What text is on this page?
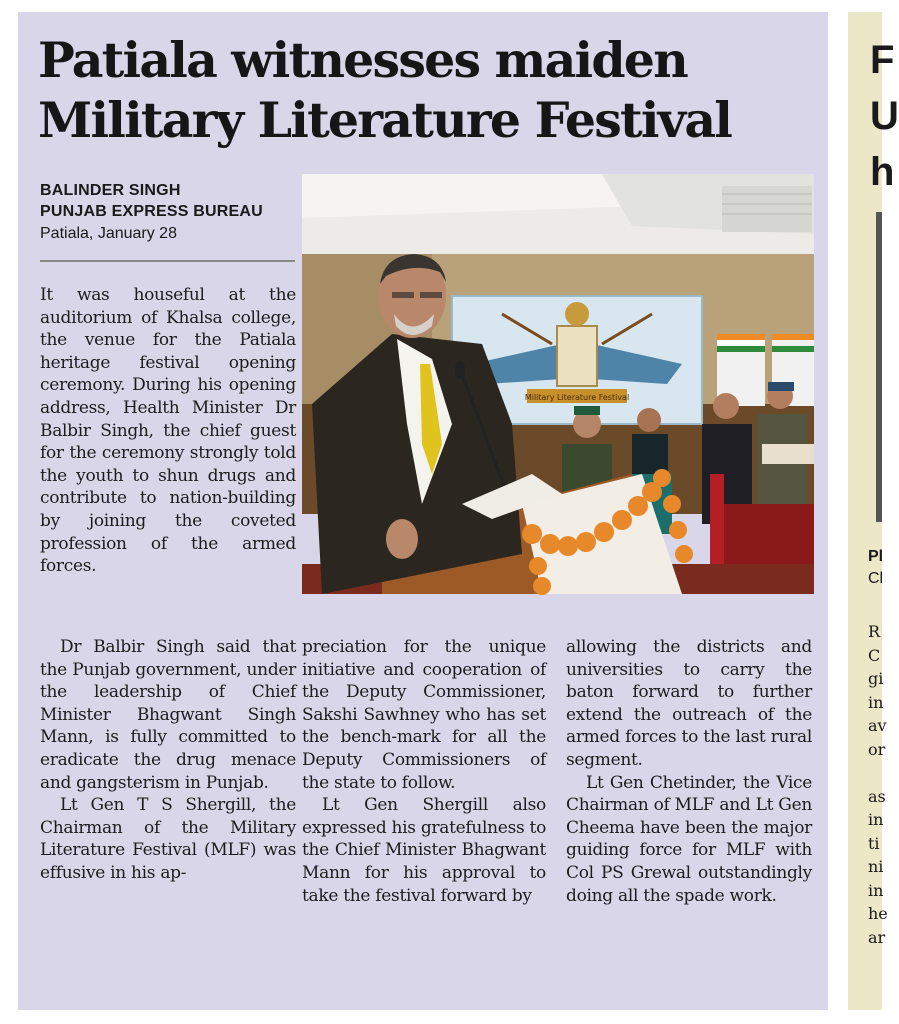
Patiala witnesses maiden Military Literature Festival
BALINDER SINGH
PUNJAB EXPRESS BUREAU
Patiala, January 28
Military Literature Festival

It was houseful at the auditorium of Khalsa college, the venue for the Patiala heritage festival opening ceremony. During his opening address, Health Minister Dr Balbir Singh, the chief guest for the ceremony strongly told the youth to shun drugs and contribute to nation-building by joining the coveted profession of the armed forces.

Dr Balbir Singh said that the Punjab government, under the leadership of Chief Minister Bhagwant Singh Mann, is fully committed to eradicate the drug menace and gangsterism in Punjab.

Lt Gen T S Shergill, the Chairman of the Military Literature Festival (MLF) was effusive in his ap-

preciation for the unique initiative and cooperation of the Deputy Commissioner, Sakshi Sawhney who has set the bench-mark for all the Deputy Commissioners of the state to follow.

Lt Gen Shergill also expressed his gratefulness to the Chief Minister Bhagwant Mann for his approval to take the festival forward by

allowing the districts and universities to carry the baton forward to further extend the outreach of the armed forces to the last rural segment.

Lt Gen Chetinder, the Vice Chairman of MLF and Lt Gen Cheema have been the major guiding force for MLF with Col PS Grewal outstandingly doing all the spade work.

F
U
h
Pl
Cl
R
C
gi
in
av
or
as
in
ti
ni
in
he
ar
